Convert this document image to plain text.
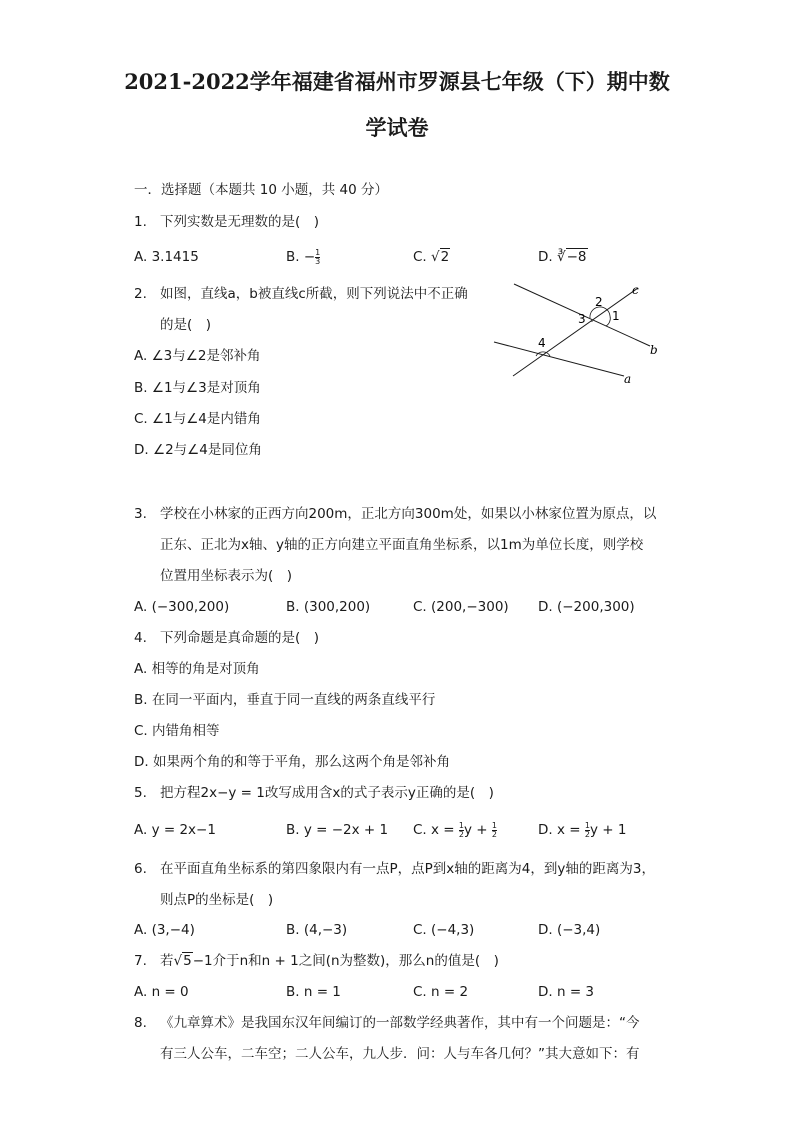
2021-2022学年福建省福州市罗源县七年级（下）期中数
学试卷
一．选择题（本题共 10 小题，共 40 分）
1. 下列实数是无理数的是(　)
A. 3.1415	B. − $\frac{1}{3}$	C. √2	D. ∛−8
2. 如图，直线a，b被直线c所截，则下列说法中不正确
的是(　)
A. ∠3与∠2是邻补角
B. ∠1与∠3是对顶角
C. ∠1与∠4是内错角
D. ∠2与∠4是同位角
c
b
a
1
2
3
4
3. 学校在小林家的正西方向200m，正北方向300m处，如果以小林家位置为原点，以
正东、正北为x轴、y轴的正方向建立平面直角坐标系，以1m为单位长度，则学校
位置用坐标表示为(　)
A. (−300,200)	B. (300,200)	C. (200,−300) D. (−200,300)
4. 下列命题是真命题的是(　)
A. 相等的角是对顶角
B. 在同一平面内，垂直于同一直线的两条直线平行
C. 内错角相等
D. 如果两个角的和等于平角，那么这两个角是邻补角
5. 把方程2x−y = 1改写成用含x的式子表示y正确的是(　)
A. y = 2x−1	B. y = −2x + 1 C. $x = \frac{1}{2}$ $y + \frac{1}{2}$	D. $x = \frac{1}{2}$ y + 1
6. 在平面直角坐标系的第四象限内有一点P，点P到x轴的距离为4，到y轴的距离为3，
则点P的坐标是(　)
A. (3,−4)	B. (4,−3)	C. (−4,3)	D. (−3,4)
7. 若√5−1介于n和n + 1之间(n为整数)，那么n的值是(　)
A. n = 0	B. n = 1	C. n = 2	D. n = 3
8. 《九章算术》是我国东汉年间编订的一部数学经典著作，其中有一个问题是：“今
有三人公车，二车空；二人公车，九人步．问：人与车各几何？”其大意如下：有
